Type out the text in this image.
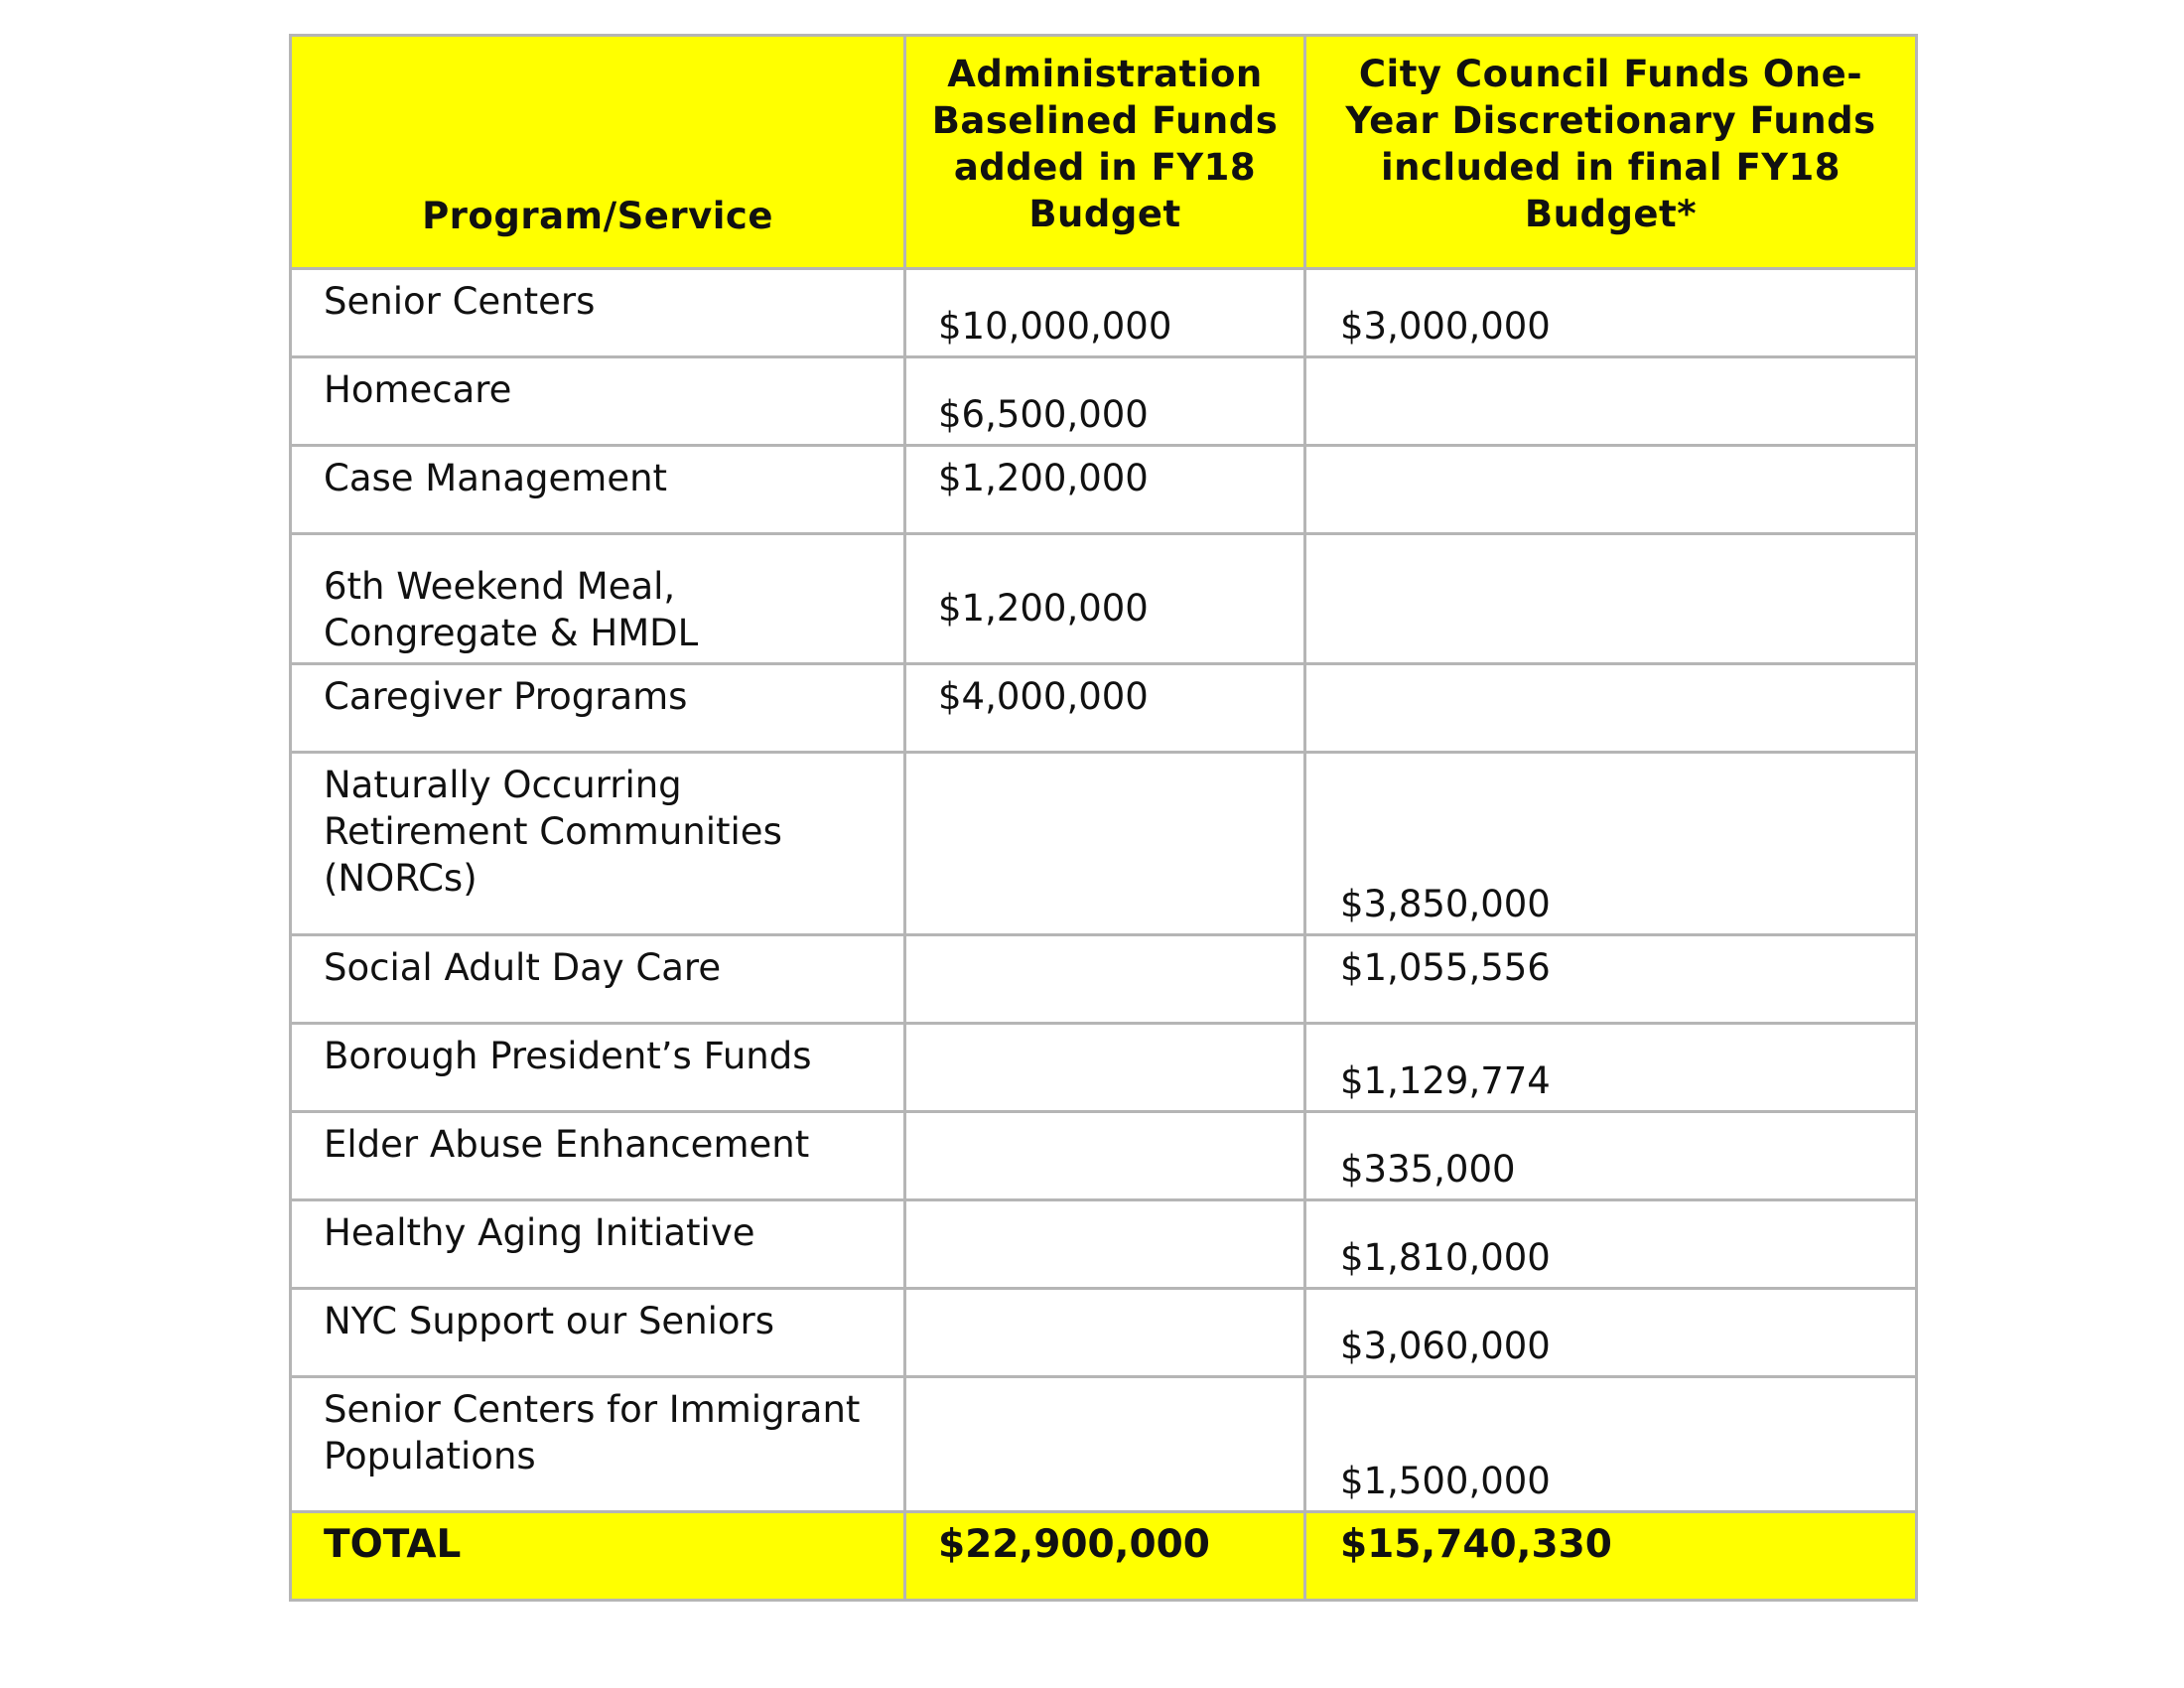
Program/Service	Administration Baselined Funds added in FY18 Budget	City Council Funds One-Year Discretionary Funds included in final FY18 Budget*
Senior Centers	$10,000,000	$3,000,000
Homecare	$6,500,000	
Case Management	$1,200,000	
6th Weekend Meal, Congregate & HMDL	$1,200,000	
Caregiver Programs	$4,000,000	
Naturally Occurring Retirement Communities (NORCs)		$3,850,000
Social Adult Day Care		$1,055,556
Borough President’s Funds		$1,129,774
Elder Abuse Enhancement		$335,000
Healthy Aging Initiative		$1,810,000
NYC Support our Seniors		$3,060,000
Senior Centers for Immigrant Populations		$1,500,000
TOTAL	$22,900,000	$15,740,330
